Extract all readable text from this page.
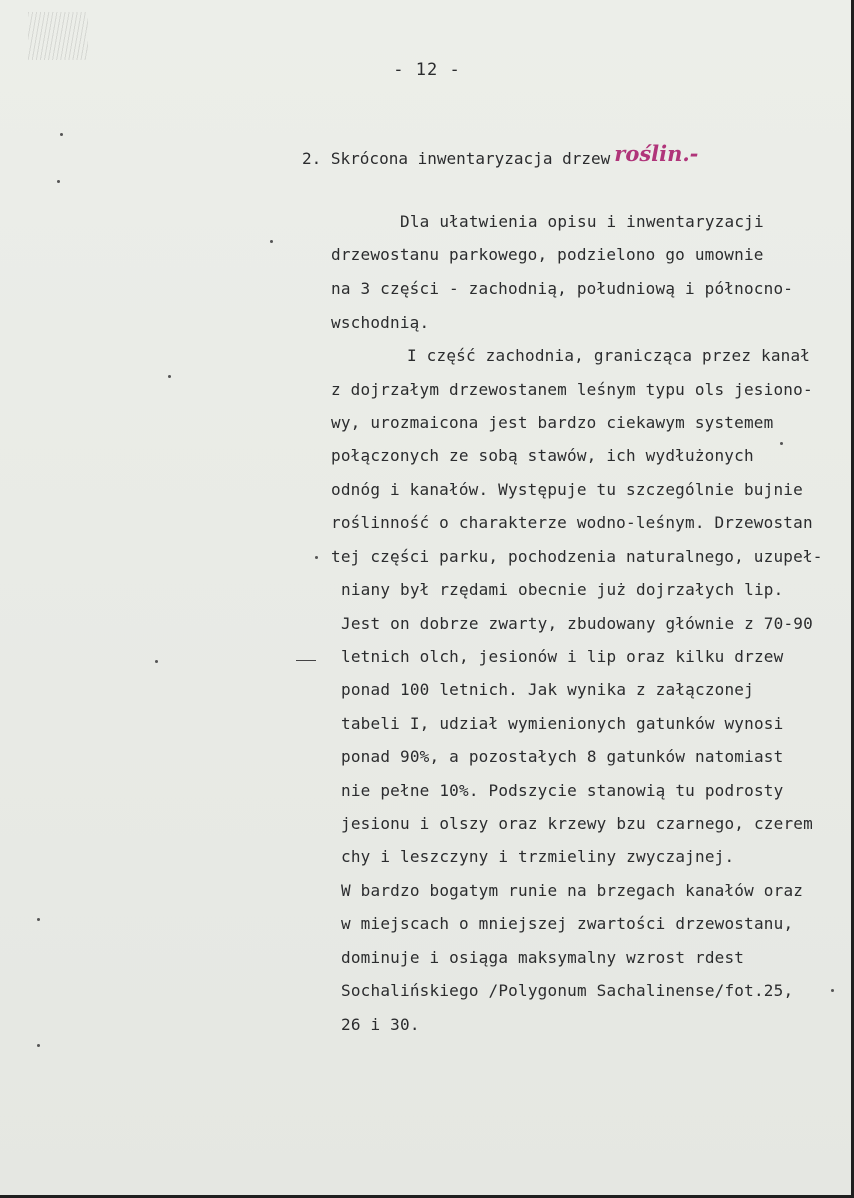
- 12 -
2. Skrócona inwentaryzacja drzew roślin.-
Dla ułatwienia opisu i inwentaryzacji
drzewostanu parkowego, podzielono go umownie
na 3 części - zachodnią, południową i północno-
wschodnią.
I część zachodnia, granicząca przez kanał
z dojrzałym drzewostanem leśnym typu ols jesiono-
wy, urozmaicona jest bardzo ciekawym systemem
połączonych ze sobą stawów, ich wydłużonych
odnóg i kanałów. Występuje tu szczególnie bujnie
roślinność o charakterze wodno-leśnym. Drzewostan
tej części parku, pochodzenia naturalnego, uzupeł-
niany był rzędami obecnie już dojrzałych lip.
Jest on dobrze zwarty, zbudowany głównie z 70-90
letnich olch, jesionów i lip oraz kilku drzew
ponad 100 letnich. Jak wynika z załączonej
tabeli I, udział wymienionych gatunków wynosi
ponad 90%, a pozostałych 8 gatunków natomiast
nie pełne 10%. Podszycie stanowią tu podrosty
jesionu i olszy oraz krzewy bzu czarnego, czerem
chy i leszczyny i trzmieliny zwyczajnej.
W bardzo bogatym runie na brzegach kanałów oraz
w miejscach o mniejszej zwartości drzewostanu,
dominuje i osiąga maksymalny wzrost rdest
Sochalińskiego /Polygonum Sachalinense/fot.25,
26 i 30.
